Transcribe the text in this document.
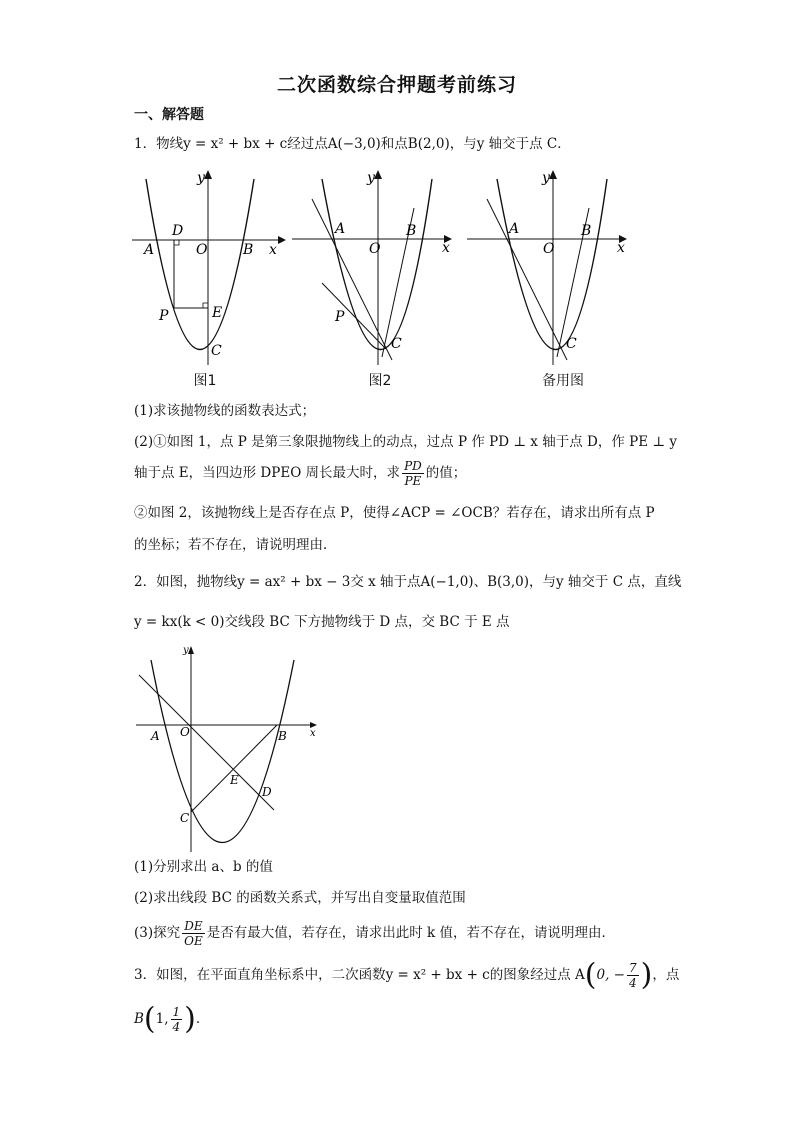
二次函数综合押题考前练习
一、解答题
1．物线y = x² + bx + c经过点A(−3,0)和点B(2,0)，与y 轴交于点 C．
y
x
A	O	B
D
E
P
C
y
x
A
O
B
P
C
y
x
A
O
B
C
图1	图2	备用图
(1)求该抛物线的函数表达式；
(2)①如图 1，点 P 是第三象限抛物线上的动点，过点 P 作 PD ⊥ x 轴于点 D，作 PE ⊥ y
轴于点 E，当四边形 DPEO 周长最大时，求 $\frac{PD}{PE}$ 的值；
②如图 2，该抛物线上是否存在点 P，使得∠ACP = ∠OCB？若存在，请求出所有点 P
的坐标；若不存在，请说明理由．
2．如图，抛物线y = ax² + bx − 3交 x 轴于点A(−1,0)、B(3,0)，与y 轴交于 C 点，直线
y = kx(k < 0)交线段 BC 下方抛物线于 D 点，交 BC 于 E 点
y
x
A O	B
E
D
C
(1)分别求出 a、b 的值
(2)求出线段 BC 的函数关系式，并写出自变量取值范围
(3)探究 $\frac{DE}{OE}$ 是否有最大值，若存在，请求出此时 k 值，若不存在，请说明理由．
3．如图，在平面直角坐标系中，二次函数y = x² + bx + c的图象经过点 A(0, − $\frac{7}{4}$ )，点
B(1, $\frac{1}{4}$ )．
